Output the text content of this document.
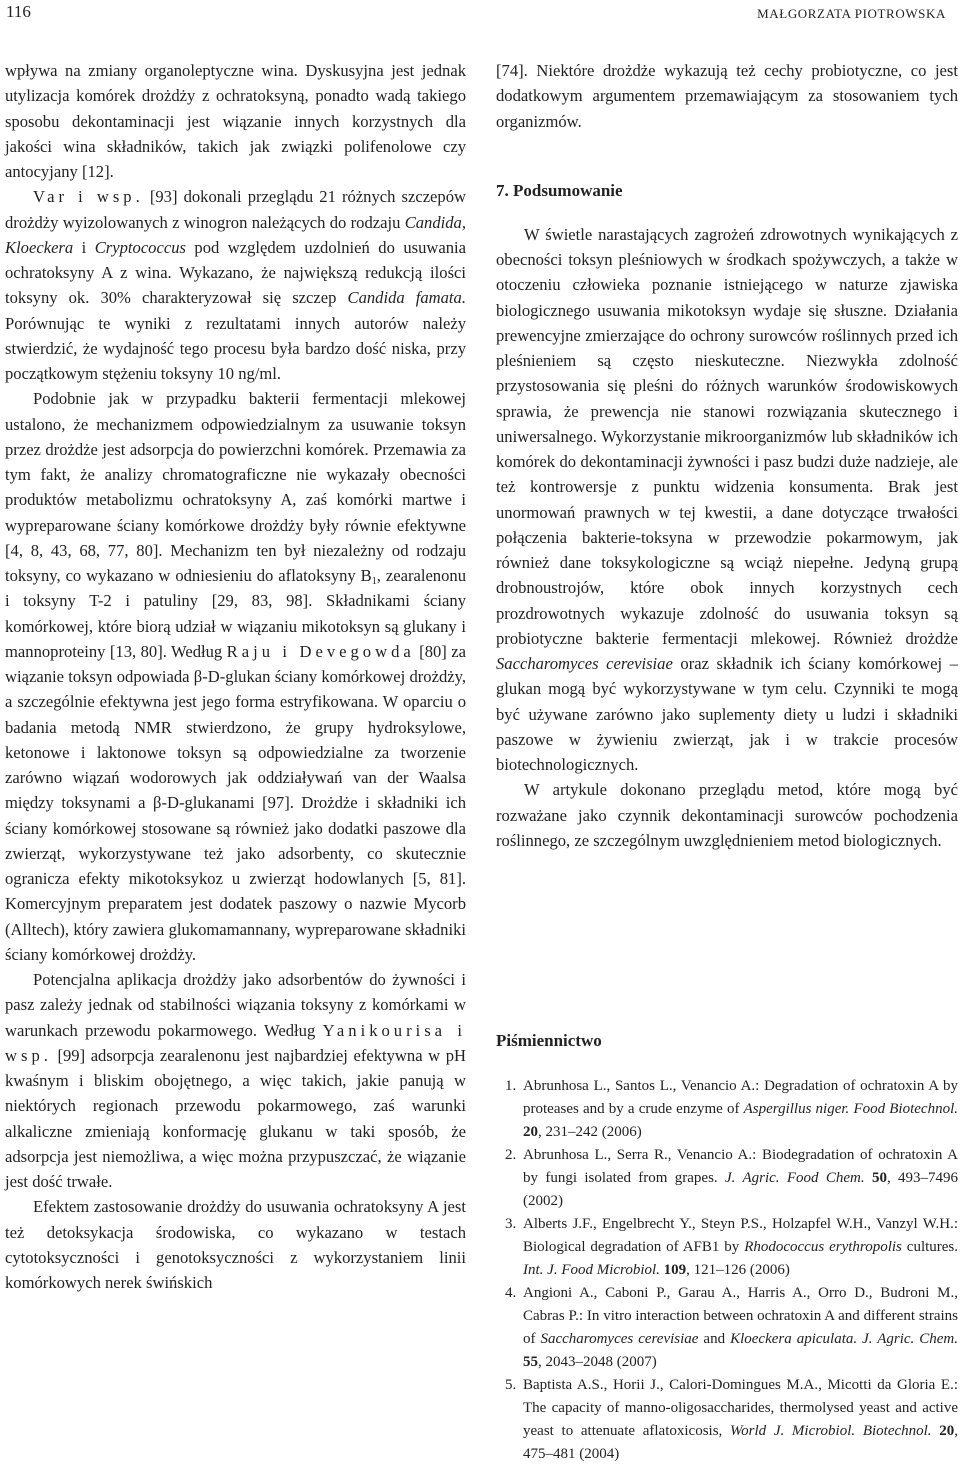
116	MAŁGORZATA PIOTROWSKA

wpływa na zmiany organoleptyczne wina. Dyskusyjna jest jednak utylizacja komórek drożdży z ochratoksyną, ponadto wadą takiego sposobu dekontaminacji jest wiązanie innych korzystnych dla jakości wina składników, takich jak związki polifenolowe czy antocyjany [12].

Var i wsp. [93] dokonali przeglądu 21 różnych szczepów drożdży wyizolowanych z winogron należących do rodzaju Candida, Kloeckera i Cryptococcus pod względem uzdolnień do usuwania ochratoksyny A z wina. Wykazano, że największą redukcją ilości toksyny ok. 30% charakteryzował się szczep Candida famata. Porównując te wyniki z rezultatami innych autorów należy stwierdzić, że wydajność tego procesu była bardzo dość niska, przy początkowym stężeniu toksyny 10 ng/ml.

Podobnie jak w przypadku bakterii fermentacji mlekowej ustalono, że mechanizmem odpowiedzialnym za usuwanie toksyn przez drożdże jest adsorpcja do powierzchni komórek. Przemawia za tym fakt, że analizy chromatograficzne nie wykazały obecności produktów metabolizmu ochratoksyny A, zaś komórki martwe i wypreparowane ściany komórkowe drożdży były równie efektywne [4, 8, 43, 68, 77, 80]. Mechanizm ten był niezależny od rodzaju toksyny, co wykazano w odniesieniu do aflatoksyny $B_1$, zearalenonu i toksyny T-2 i patuliny [29, 83, 98]. Składnikami ściany komórkowej, które biorą udział w wiązaniu mikotoksyn są glukany i mannoproteiny [13, 80]. Według Raju i Devegowda [80] za wiązanie toksyn odpowiada β-D-glukan ściany komórkowej drożdży, a szczególnie efektywna jest jego forma estryfikowana. W oparciu o badania metodą NMR stwierdzono, że grupy hydroksylowe, ketonowe i laktonowe toksyn są odpowiedzialne za tworzenie zarówno wiązań wodorowych jak oddziaływań van der Waalsa między toksynami a β-D-glukanami [97]. Drożdże i składniki ich ściany komórkowej stosowane są również jako dodatki paszowe dla zwierząt, wykorzystywane też jako adsorbenty, co skutecznie ogranicza efekty mikotoksykoz u zwierząt hodowlanych [5, 81]. Komercyjnym preparatem jest dodatek paszowy o nazwie Mycorb (Alltech), który zawiera glukomamannany, wypreparowane składniki ściany komórkowej drożdży.

Potencjalna aplikacja drożdży jako adsorbentów do żywności i pasz zależy jednak od stabilności wiązania toksyny z komórkami w warunkach przewodu pokarmowego. Według Yanikourisa i wsp. [99] adsorpcja zearalenonu jest najbardziej efektywna w pH kwaśnym i bliskim obojętnego, a więc takich, jakie panują w niektórych regionach przewodu pokarmowego, zaś warunki alkaliczne zmieniają konformację glukanu w taki sposób, że adsorpcja jest niemożliwa, a więc można przypuszczać, że wiązanie jest dość trwałe.

Efektem zastosowanie drożdży do usuwania ochratoksyny A jest też detoksykacja środowiska, co wykazano w testach cytotoksyczności i genotoksyczności z wykorzystaniem linii komórkowych nerek świńskich

[74]. Niektóre drożdże wykazują też cechy probiotyczne, co jest dodatkowym argumentem przemawiającym za stosowaniem tych organizmów.

7. Podsumowanie

W świetle narastających zagrożeń zdrowotnych wynikających z obecności toksyn pleśniowych w środkach spożywczych, a także w otoczeniu człowieka poznanie istniejącego w naturze zjawiska biologicznego usuwania mikotoksyn wydaje się słuszne. Działania prewencyjne zmierzające do ochrony surowców roślinnych przed ich pleśnieniem są często nieskuteczne. Niezwykła zdolność przystosowania się pleśni do różnych warunków środowiskowych sprawia, że prewencja nie stanowi rozwiązania skutecznego i uniwersalnego. Wykorzystanie mikroorganizmów lub składników ich komórek do dekontaminacji żywności i pasz budzi duże nadzieje, ale też kontrowersje z punktu widzenia konsumenta. Brak jest unormowań prawnych w tej kwestii, a dane dotyczące trwałości połączenia bakterie-toksyna w przewodzie pokarmowym, jak również dane toksykologiczne są wciąż niepełne. Jedyną grupą drobnoustrojów, które obok innych korzystnych cech prozdrowotnych wykazuje zdolność do usuwania toksyn są probiotyczne bakterie fermentacji mlekowej. Również drożdże Saccharomyces cerevisiae oraz składnik ich ściany komórkowej – glukan mogą być wykorzystywane w tym celu. Czynniki te mogą być używane zarówno jako suplementy diety u ludzi i składniki paszowe w żywieniu zwierząt, jak i w trakcie procesów biotechnologicznych.

W artykule dokonano przeglądu metod, które mogą być rozważane jako czynnik dekontaminacji surowców pochodzenia roślinnego, ze szczególnym uwzględnieniem metod biologicznych.

Piśmiennictwo
1. Abrunhosa L., Santos L., Venancio A.: Degradation of ochratoxin A by proteases and by a crude enzyme of Aspergillus niger. Food Biotechnol. 20, 231–242 (2006)
2. Abrunhosa L., Serra R., Venancio A.: Biodegradation of ochratoxin A by fungi isolated from grapes. J. Agric. Food Chem. 50, 493–7496 (2002)
3. Alberts J.F., Engelbrecht Y., Steyn P.S., Holzapfel W.H., Vanzyl W.H.: Biological degradation of AFB1 by Rhodococcus erythropolis cultures. Int. J. Food Microbiol. 109, 121–126 (2006)
4. Angioni A., Caboni P., Garau A., Harris A., Orro D., Budroni M., Cabras P.: In vitro interaction between ochratoxin A and different strains of Saccharomyces cerevisiae and Kloeckera apiculata. J. Agric. Chem. 55, 2043–2048 (2007)
5. Baptista A.S., Horii J., Calori-Domingues M.A., Micotti da Gloria E.: The capacity of manno-oligosaccharides, thermolysed yeast and active yeast to attenuate aflatoxicosis, World J. Microbiol. Biotechnol. 20, 475–481 (2004)
